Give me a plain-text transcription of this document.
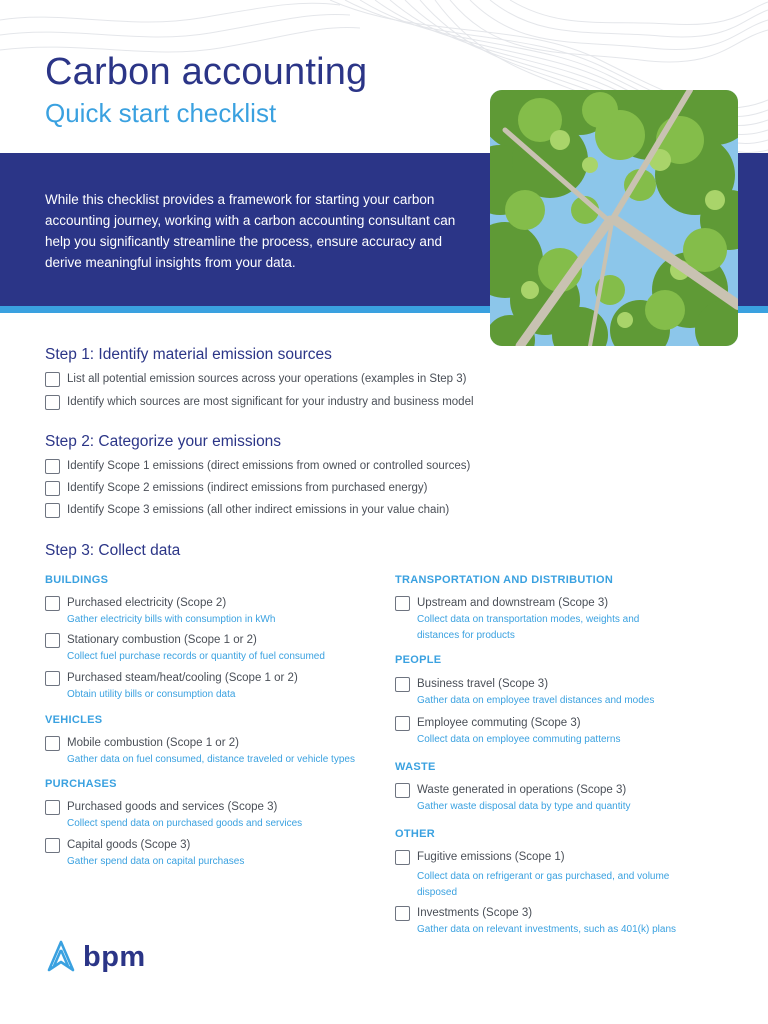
Carbon accounting
Quick start checklist

While this checklist provides a framework for starting your carbon accounting journey, working with a carbon accounting consultant can help you significantly streamline the process, ensure accuracy and derive meaningful insights from your data.

Step 1: Identify material emission sources
List all potential emission sources across your operations (examples in Step 3)
Identify which sources are most significant for your industry and business model
Step 2: Categorize your emissions
Identify Scope 1 emissions (direct emissions from owned or controlled sources)
Identify Scope 2 emissions (indirect emissions from purchased energy)
Identify Scope 3 emissions (all other indirect emissions in your value chain)
Step 3: Collect data
BUILDINGS
Purchased electricity (Scope 2)
Gather electricity bills with consumption in kWh
Stationary combustion (Scope 1 or 2)
Collect fuel purchase records or quantity of fuel consumed
Purchased steam/heat/cooling (Scope 1 or 2)
Obtain utility bills or consumption data
VEHICLES
Mobile combustion (Scope 1 or 2)
Gather data on fuel consumed, distance traveled or vehicle types
PURCHASES
Purchased goods and services (Scope 3)
Collect spend data on purchased goods and services
Capital goods (Scope 3)
Gather spend data on capital purchases
TRANSPORTATION AND DISTRIBUTION
Upstream and downstream (Scope 3)
Collect data on transportation modes, weights and distances for products
PEOPLE
Business travel (Scope 3)
Gather data on employee travel distances and modes
Employee commuting (Scope 3)
Collect data on employee commuting patterns
WASTE
Waste generated in operations (Scope 3)
Gather waste disposal data by type and quantity
OTHER
Fugitive emissions (Scope 1)
Collect data on refrigerant or gas purchased, and volume disposed
Investments (Scope 3)
Gather data on relevant investments, such as 401(k) plans
bpm
